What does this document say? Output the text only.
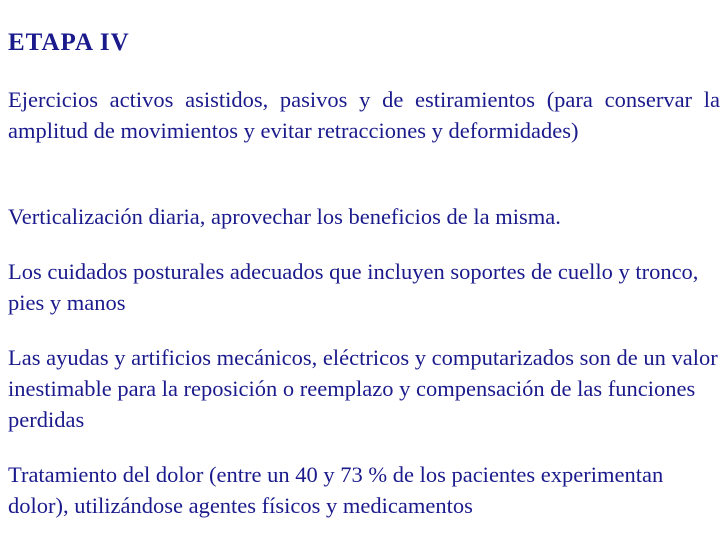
ETAPA IV

Ejercicios activos asistidos, pasivos y de estiramientos (para conservar la amplitud de movimientos y evitar retracciones y deformidades)

Verticalización diaria, aprovechar los beneficios de la misma.

Los cuidados posturales adecuados que incluyen soportes de cuello y tronco, pies y manos

Las ayudas y artificios mecánicos, eléctricos y computarizados son de un valor inestimable para la reposición o reemplazo y compensación de las funciones perdidas

Tratamiento del dolor (entre un 40 y 73 % de los pacientes experimentan dolor), utilizándose agentes físicos y medicamentos
